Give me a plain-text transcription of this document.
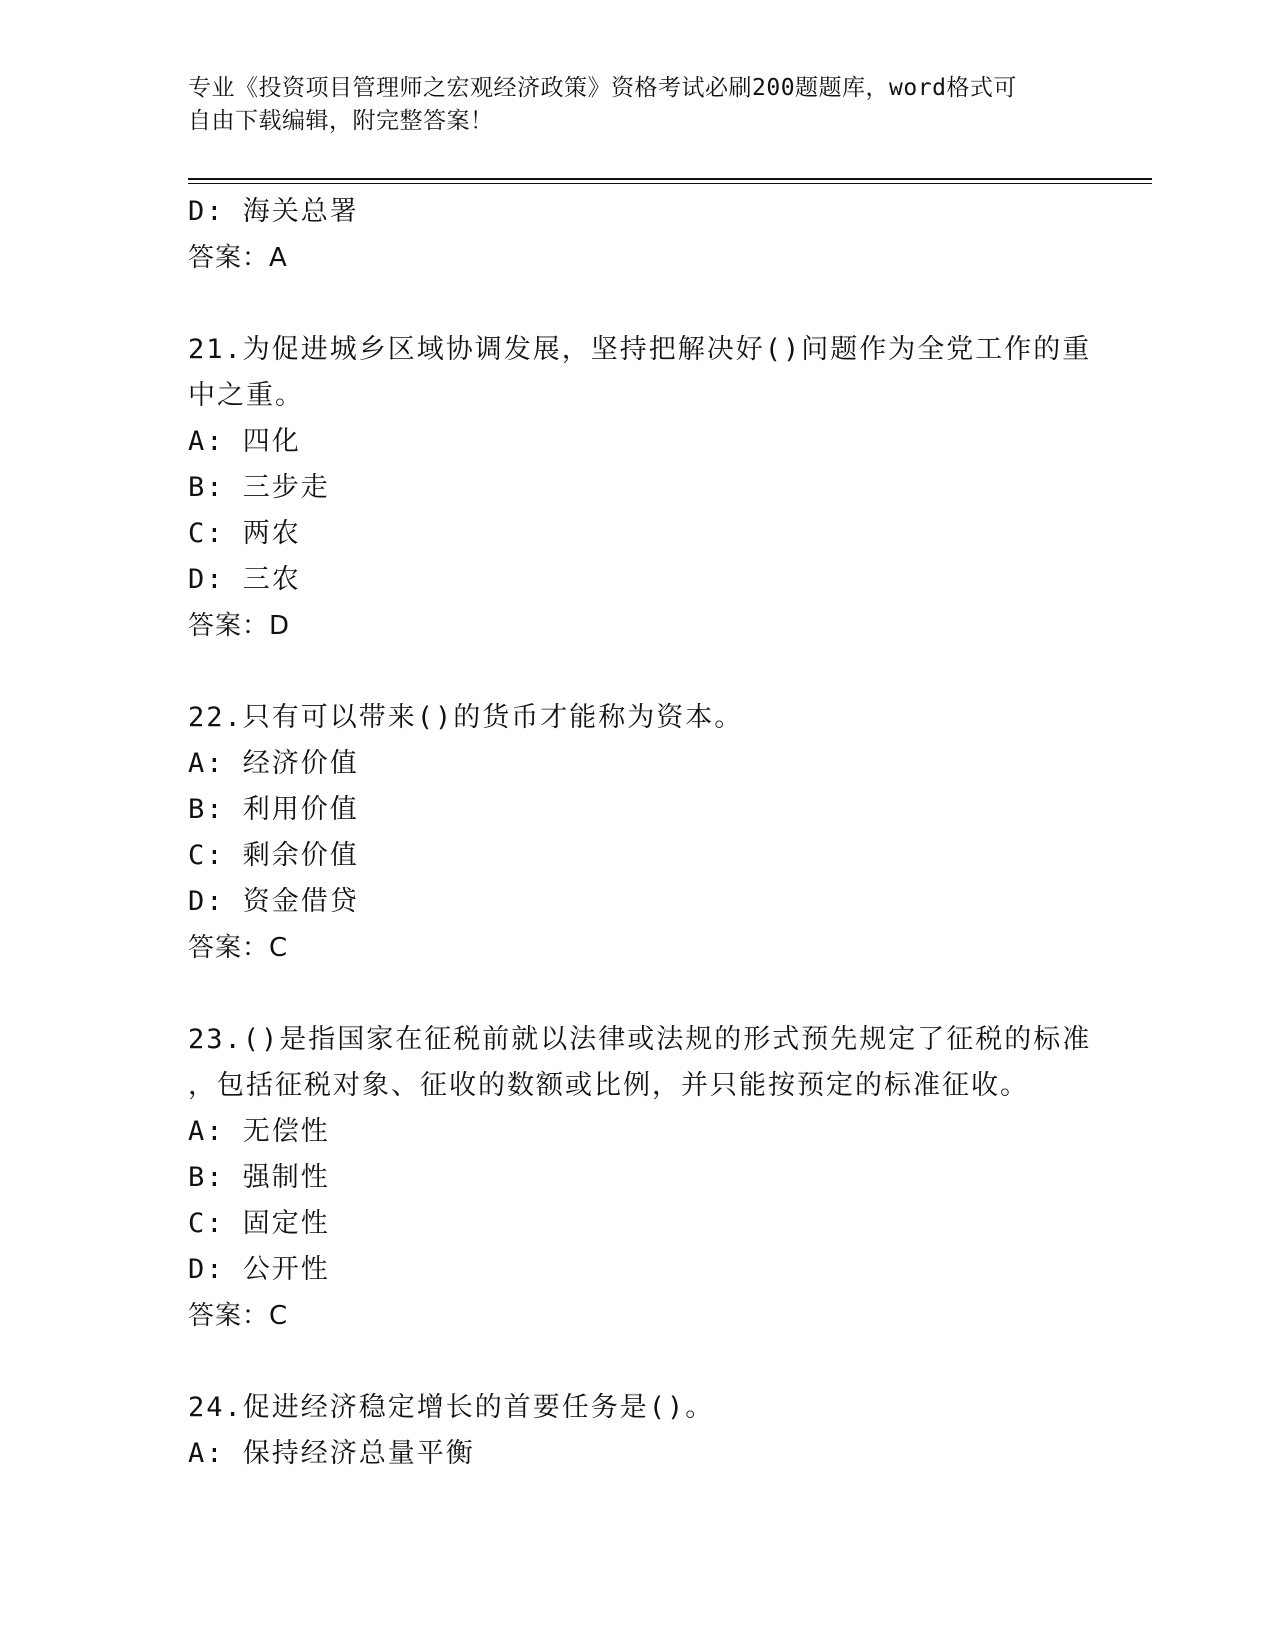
专业《投资项目管理师之宏观经济政策》资格考试必刷200题题库，word格式可
自由下载编辑，附完整答案！
D: 海关总署
答案：A
21.为促进城乡区域协调发展，坚持把解决好()问题作为全党工作的重
中之重。
A: 四化
B: 三步走
C: 两农
D: 三农
答案：D
22.只有可以带来()的货币才能称为资本。
A: 经济价值
B: 利用价值
C: 剩余价值
D: 资金借贷
答案：C
23.()是指国家在征税前就以法律或法规的形式预先规定了征税的标准
，包括征税对象、征收的数额或比例，并只能按预定的标准征收。
A: 无偿性
B: 强制性
C: 固定性
D: 公开性
答案：C
24.促进经济稳定增长的首要任务是()。
A: 保持经济总量平衡
